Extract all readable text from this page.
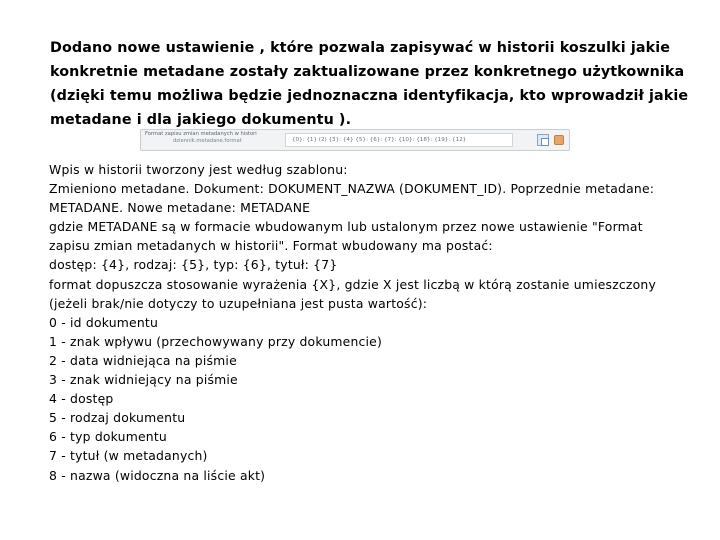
Dodano nowe ustawienie , które pozwala zapisywać w historii koszulki jakie
konkretnie metadane zostały zaktualizowane przez konkretnego użytkownika
(dzięki temu możliwa będzie jednoznaczna identyfikacja, kto wprowadził jakie
metadane i dla jakiego dokumentu ).
Format zapisu zmian metadanych w histori
dziennik.metadane.format	{0}: {1} (2) {3}: {4} {5}: {6}: {7}: {10}: {18}: {19}: {12}
Wpis w historii tworzony jest według szablonu:
Zmieniono metadane. Dokument: DOKUMENT_NAZWA (DOKUMENT_ID). Poprzednie metadane:
METADANE. Nowe metadane: METADANE
gdzie METADANE są w formacie wbudowanym lub ustalonym przez nowe ustawienie "Format
zapisu zmian metadanych w historii". Format wbudowany ma postać:
dostęp: {4}, rodzaj: {5}, typ: {6}, tytuł: {7}
format dopuszcza stosowanie wyrażenia {X}, gdzie X jest liczbą w którą zostanie umieszczony
(jeżeli brak/nie dotyczy to uzupełniana jest pusta wartość):
0 - id dokumentu
1 - znak wpływu (przechowywany przy dokumencie)
2 - data widniejąca na piśmie
3 - znak widniejący na piśmie
4 - dostęp
5 - rodzaj dokumentu
6 - typ dokumentu
7 - tytuł (w metadanych)
8 - nazwa (widoczna na liście akt)
